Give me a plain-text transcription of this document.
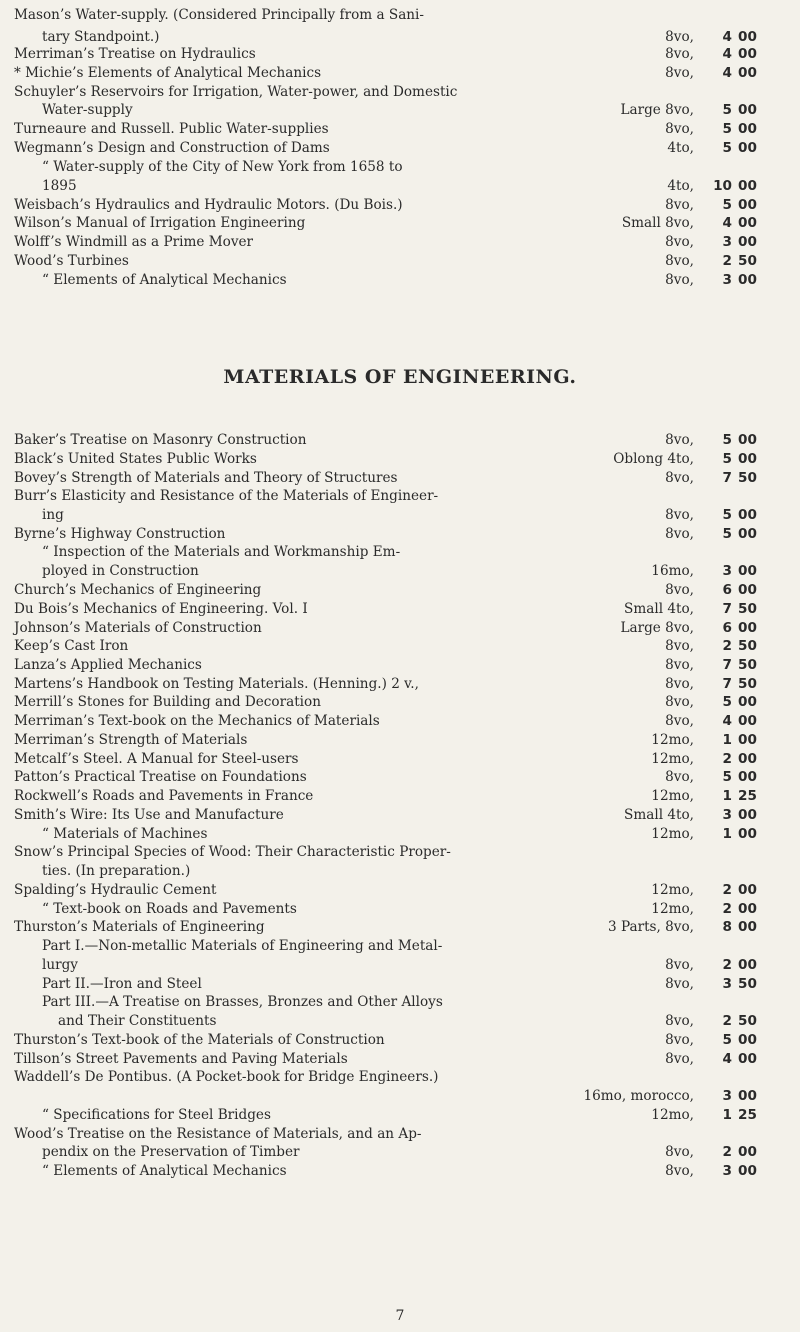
Mason’s Water-supply. (Considered Principally from a Sani-
tary Standpoint.)	8vo,	4 00
Merriman’s Treatise on Hydraulics	8vo,	4 00
* Michie’s Elements of Analytical Mechanics	8vo,	4 00
Schuyler’s Reservoirs for Irrigation, Water-power, and Domestic
Water-supply	Large 8vo,	5 00
Turneaure and Russell. Public Water-supplies	8vo,	5 00
Wegmann’s Design and Construction of Dams	4to,	5 00
“ Water-supply of the City of New York from 1658 to
1895	4to,	10 00
Weisbach’s Hydraulics and Hydraulic Motors. (Du Bois.)	8vo,	5 00
Wilson’s Manual of Irrigation Engineering	Small 8vo,	4 00
Wolff’s Windmill as a Prime Mover	8vo,	3 00
Wood’s Turbines	8vo,	2 50
“ Elements of Analytical Mechanics	8vo,	3 00
MATERIALS OF ENGINEERING.
Baker’s Treatise on Masonry Construction	8vo,	5 00
Black’s United States Public Works	Oblong 4to,	5 00
Bovey’s Strength of Materials and Theory of Structures	8vo,	7 50
Burr’s Elasticity and Resistance of the Materials of Engineer-
ing	8vo,	5 00
Byrne’s Highway Construction	8vo,	5 00
“ Inspection of the Materials and Workmanship Em-
ployed in Construction	16mo,	3 00
Church’s Mechanics of Engineering	8vo,	6 00
Du Bois’s Mechanics of Engineering. Vol. I	Small 4to,	7 50
Johnson’s Materials of Construction	Large 8vo,	6 00
Keep’s Cast Iron	8vo,	2 50
Lanza’s Applied Mechanics	8vo,	7 50
Martens’s Handbook on Testing Materials. (Henning.) 2 v.,	8vo,	7 50
Merrill’s Stones for Building and Decoration	8vo,	5 00
Merriman’s Text-book on the Mechanics of Materials	8vo,	4 00
Merriman’s Strength of Materials	12mo,	1 00
Metcalf’s Steel. A Manual for Steel-users	12mo,	2 00
Patton’s Practical Treatise on Foundations	8vo,	5 00
Rockwell’s Roads and Pavements in France	12mo,	1 25
Smith’s Wire: Its Use and Manufacture	Small 4to,	3 00
“ Materials of Machines	12mo,	1 00
Snow’s Principal Species of Wood: Their Characteristic Proper-
ties. (In preparation.)
Spalding’s Hydraulic Cement	12mo,	2 00
“ Text-book on Roads and Pavements	12mo,	2 00
Thurston’s Materials of Engineering	3 Parts, 8vo,	8 00
Part I.—Non-metallic Materials of Engineering and Metal-
lurgy	8vo,	2 00
Part II.—Iron and Steel	8vo,	3 50
Part III.—A Treatise on Brasses, Bronzes and Other Alloys
and Their Constituents	8vo,	2 50
Thurston’s Text-book of the Materials of Construction	8vo,	5 00
Tillson’s Street Pavements and Paving Materials	8vo,	4 00
Waddell’s De Pontibus. (A Pocket-book for Bridge Engineers.)
16mo, morocco,	3 00
“ Specifications for Steel Bridges	12mo,	1 25
Wood’s Treatise on the Resistance of Materials, and an Ap-
pendix on the Preservation of Timber	8vo,	2 00
“ Elements of Analytical Mechanics	8vo,	3 00
7
